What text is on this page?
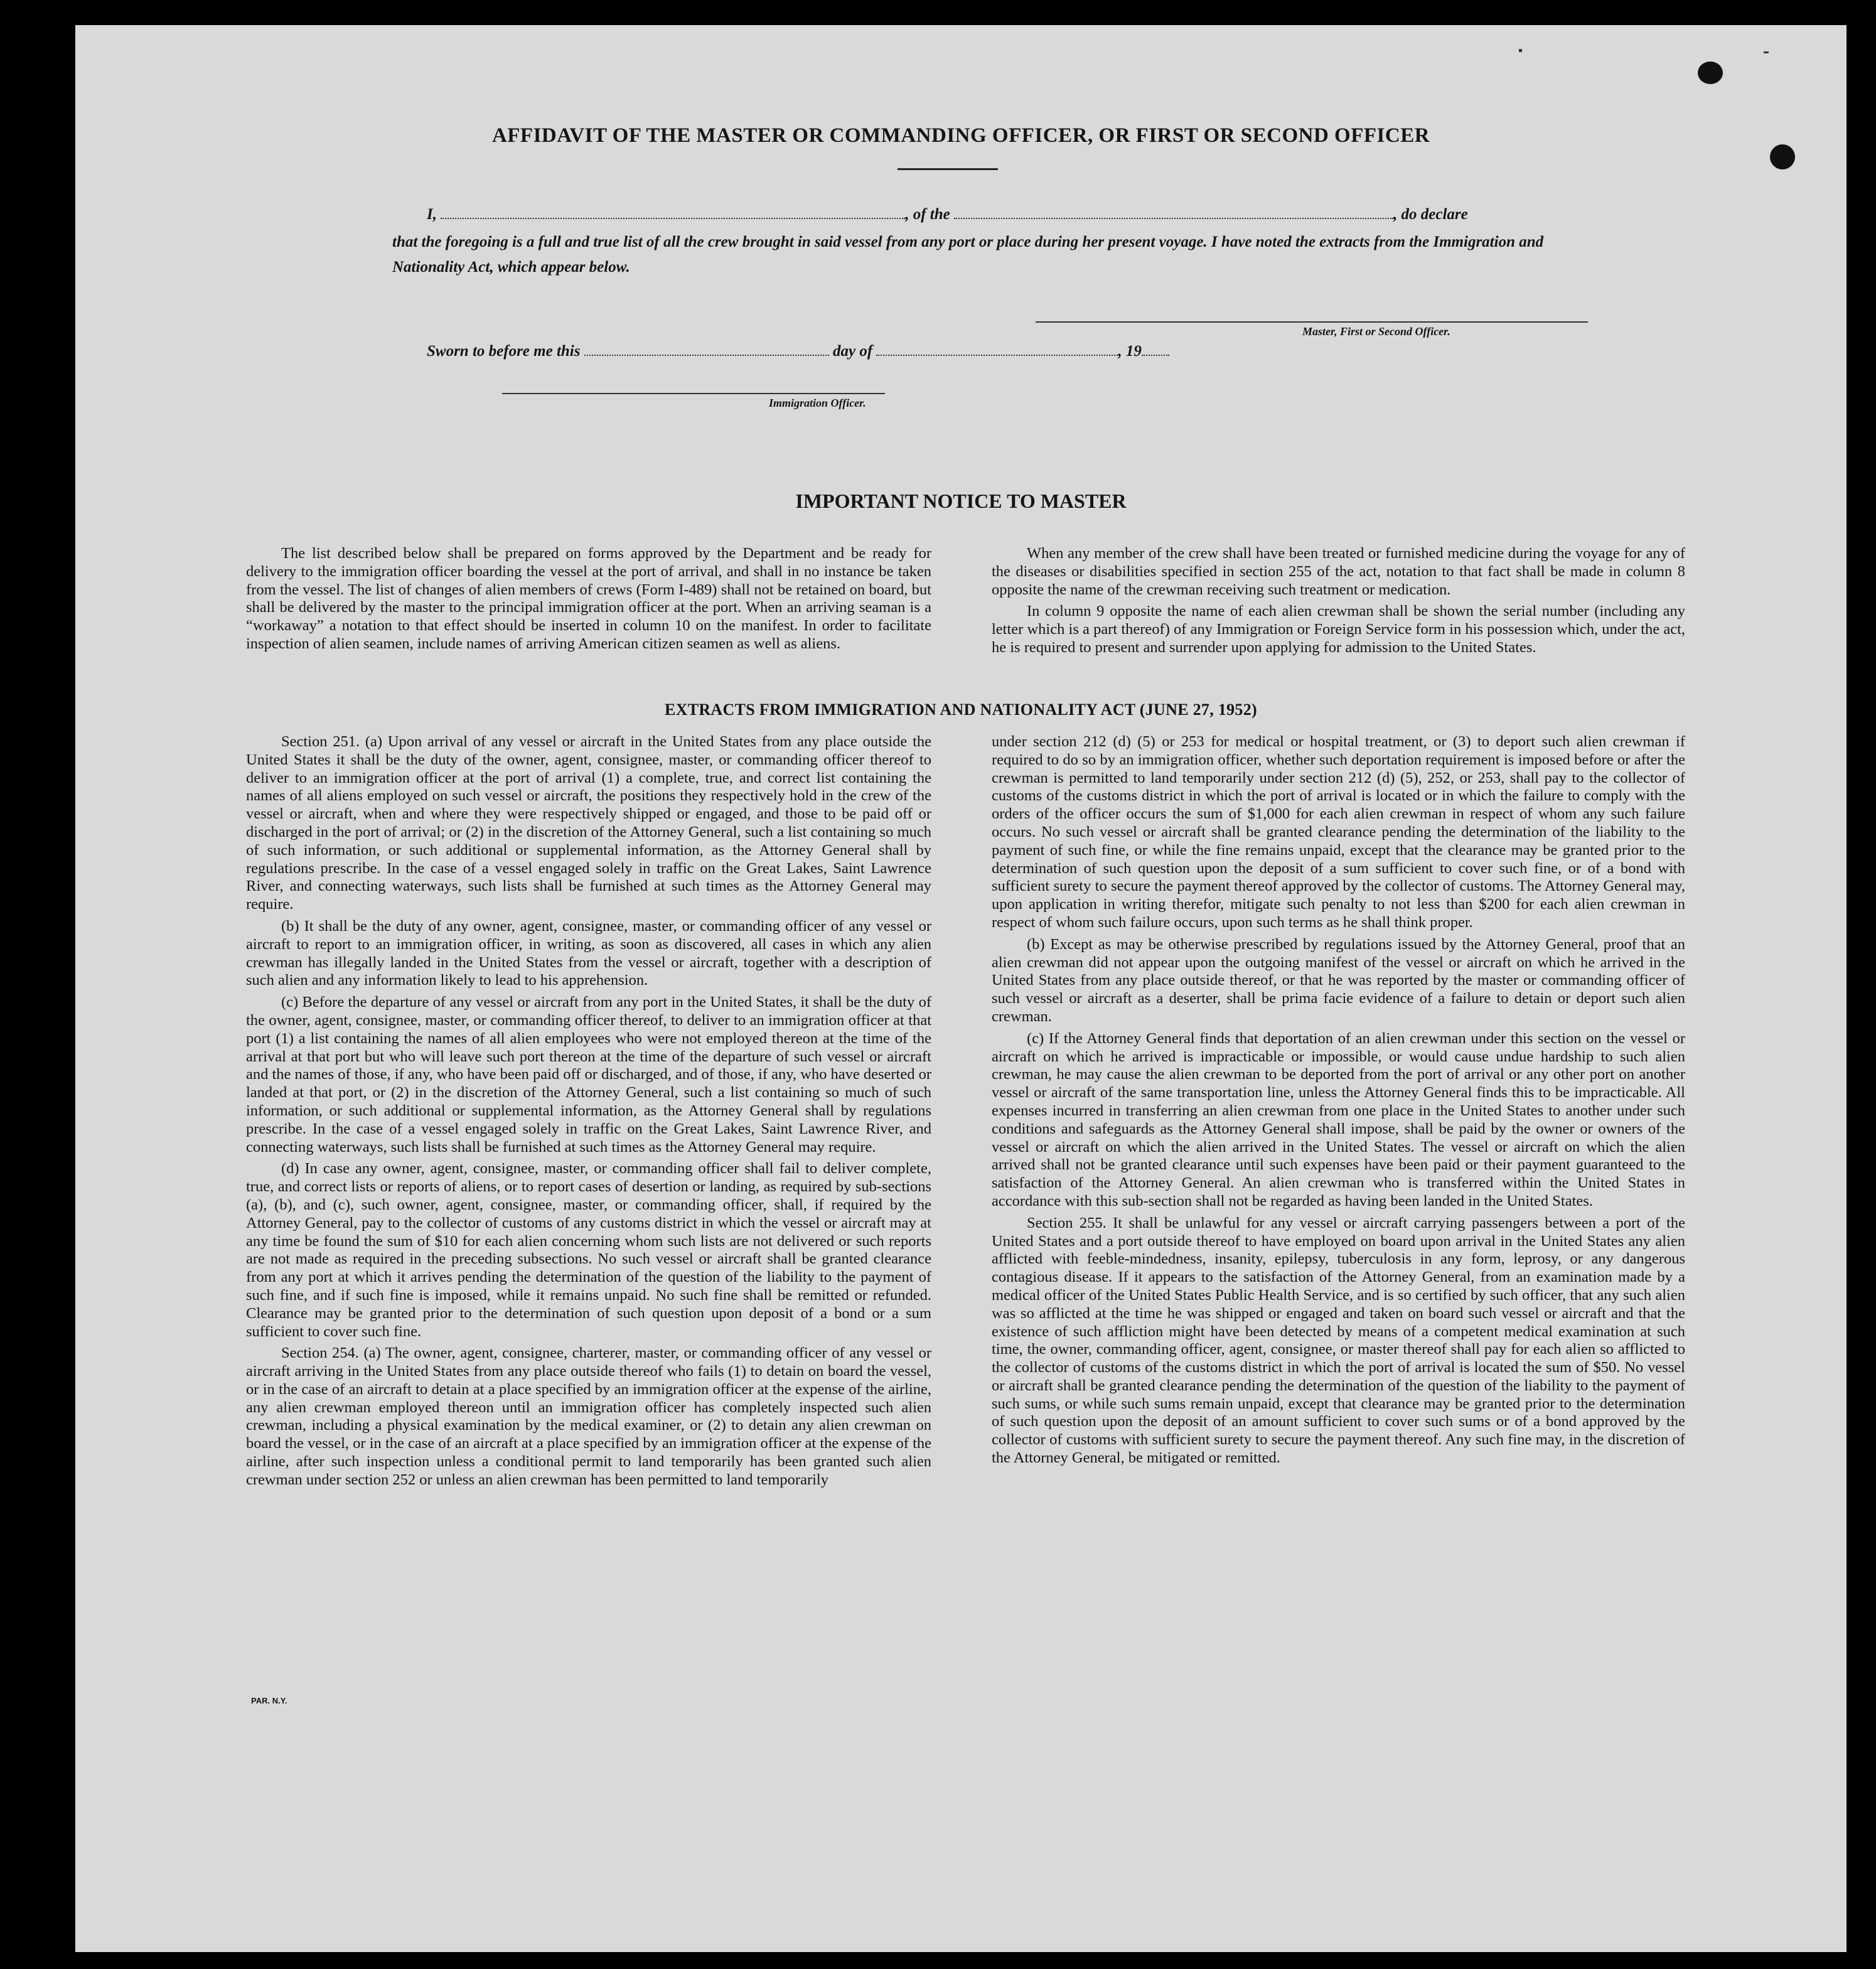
AFFIDAVIT OF THE MASTER OR COMMANDING OFFICER, OR FIRST OR SECOND OFFICER
I,	, of the	, do declare
that the foregoing is a full and true list of all the crew brought in said vessel from any port or place during her present voyage. I have noted the extracts from the Immigration and Nationality Act, which appear below.
Master, First or Second Officer.
Sworn to before me this	day of	, 19
Immigration Officer.
IMPORTANT NOTICE TO MASTER

The list described below shall be prepared on forms approved by the Department and be ready for delivery to the immigration officer boarding the vessel at the port of arrival, and shall in no instance be taken from the vessel. The list of changes of alien members of crews (Form I-489) shall not be retained on board, but shall be delivered by the master to the principal immigration officer at the port. When an arriving seaman is a “workaway” a notation to that effect should be inserted in column 10 on the manifest. In order to facilitate inspection of alien seamen, include names of arriving American citizen seamen as well as aliens.

When any member of the crew shall have been treated or furnished medicine during the voyage for any of the diseases or disabilities specified in section 255 of the act, notation to that fact shall be made in column 8 opposite the name of the crewman receiving such treatment or medication.

In column 9 opposite the name of each alien crewman shall be shown the serial number (including any letter which is a part thereof) of any Immigration or Foreign Service form in his possession which, under the act, he is required to present and surrender upon applying for admission to the United States.

EXTRACTS FROM IMMIGRATION AND NATIONALITY ACT (JUNE 27, 1952)

Section 251. (a) Upon arrival of any vessel or aircraft in the United States from any place outside the United States it shall be the duty of the owner, agent, consignee, master, or commanding officer thereof to deliver to an immigration officer at the port of arrival (1) a complete, true, and correct list containing the names of all aliens employed on such vessel or aircraft, the positions they respectively hold in the crew of the vessel or aircraft, when and where they were respectively shipped or engaged, and those to be paid off or discharged in the port of arrival; or (2) in the discretion of the Attorney General, such a list containing so much of such information, or such additional or supplemental information, as the Attorney General shall by regulations prescribe. In the case of a vessel engaged solely in traffic on the Great Lakes, Saint Lawrence River, and connecting waterways, such lists shall be furnished at such times as the Attorney General may require.

(b) It shall be the duty of any owner, agent, consignee, master, or commanding officer of any vessel or aircraft to report to an immigration officer, in writing, as soon as discovered, all cases in which any alien crewman has illegally landed in the United States from the vessel or aircraft, together with a description of such alien and any information likely to lead to his apprehension.

(c) Before the departure of any vessel or aircraft from any port in the United States, it shall be the duty of the owner, agent, consignee, master, or commanding officer thereof, to deliver to an immigration officer at that port (1) a list containing the names of all alien employees who were not employed thereon at the time of the arrival at that port but who will leave such port thereon at the time of the departure of such vessel or aircraft and the names of those, if any, who have been paid off or discharged, and of those, if any, who have deserted or landed at that port, or (2) in the discretion of the Attorney General, such a list containing so much of such information, or such additional or supplemental information, as the Attorney General shall by regulations prescribe. In the case of a vessel engaged solely in traffic on the Great Lakes, Saint Lawrence River, and connecting waterways, such lists shall be furnished at such times as the Attorney General may require.

(d) In case any owner, agent, consignee, master, or commanding officer shall fail to deliver complete, true, and correct lists or reports of aliens, or to report cases of desertion or landing, as required by sub-sections (a), (b), and (c), such owner, agent, consignee, master, or commanding officer, shall, if required by the Attorney General, pay to the collector of customs of any customs district in which the vessel or aircraft may at any time be found the sum of $10 for each alien concerning whom such lists are not delivered or such reports are not made as required in the preceding subsections. No such vessel or aircraft shall be granted clearance from any port at which it arrives pending the determination of the question of the liability to the payment of such fine, and if such fine is imposed, while it remains unpaid. No such fine shall be remitted or refunded. Clearance may be granted prior to the determination of such question upon deposit of a bond or a sum sufficient to cover such fine.

Section 254. (a) The owner, agent, consignee, charterer, master, or commanding officer of any vessel or aircraft arriving in the United States from any place outside thereof who fails (1) to detain on board the vessel, or in the case of an aircraft to detain at a place specified by an immigration officer at the expense of the airline, any alien crewman employed thereon until an immigration officer has completely inspected such alien crewman, including a physical examination by the medical examiner, or (2) to detain any alien crewman on board the vessel, or in the case of an aircraft at a place specified by an immigration officer at the expense of the airline, after such inspection unless a conditional permit to land temporarily has been granted such alien crewman under section 252 or unless an alien crewman has been permitted to land temporarily

under section 212 (d) (5) or 253 for medical or hospital treatment, or (3) to deport such alien crewman if required to do so by an immigration officer, whether such deportation requirement is imposed before or after the crewman is permitted to land temporarily under section 212 (d) (5), 252, or 253, shall pay to the collector of customs of the customs district in which the port of arrival is located or in which the failure to comply with the orders of the officer occurs the sum of $1,000 for each alien crewman in respect of whom any such failure occurs. No such vessel or aircraft shall be granted clearance pending the determination of the liability to the payment of such fine, or while the fine remains unpaid, except that the clearance may be granted prior to the determination of such question upon the deposit of a sum sufficient to cover such fine, or of a bond with sufficient surety to secure the payment thereof approved by the collector of customs. The Attorney General may, upon application in writing therefor, mitigate such penalty to not less than $200 for each alien crewman in respect of whom such failure occurs, upon such terms as he shall think proper.

(b) Except as may be otherwise prescribed by regulations issued by the Attorney General, proof that an alien crewman did not appear upon the outgoing manifest of the vessel or aircraft on which he arrived in the United States from any place outside thereof, or that he was reported by the master or commanding officer of such vessel or aircraft as a deserter, shall be prima facie evidence of a failure to detain or deport such alien crewman.

(c) If the Attorney General finds that deportation of an alien crewman under this section on the vessel or aircraft on which he arrived is impracticable or impossible, or would cause undue hardship to such alien crewman, he may cause the alien crewman to be deported from the port of arrival or any other port on another vessel or aircraft of the same transportation line, unless the Attorney General finds this to be impracticable. All expenses incurred in transferring an alien crewman from one place in the United States to another under such conditions and safeguards as the Attorney General shall impose, shall be paid by the owner or owners of the vessel or aircraft on which the alien arrived in the United States. The vessel or aircraft on which the alien arrived shall not be granted clearance until such expenses have been paid or their payment guaranteed to the satisfaction of the Attorney General. An alien crewman who is transferred within the United States in accordance with this sub-section shall not be regarded as having been landed in the United States.

Section 255. It shall be unlawful for any vessel or aircraft carrying passengers between a port of the United States and a port outside thereof to have employed on board upon arrival in the United States any alien afflicted with feeble-mindedness, insanity, epilepsy, tuberculosis in any form, leprosy, or any dangerous contagious disease. If it appears to the satisfaction of the Attorney General, from an examination made by a medical officer of the United States Public Health Service, and is so certified by such officer, that any such alien was so afflicted at the time he was shipped or engaged and taken on board such vessel or aircraft and that the existence of such affliction might have been detected by means of a competent medical examination at such time, the owner, commanding officer, agent, consignee, or master thereof shall pay for each alien so afflicted to the collector of customs of the customs district in which the port of arrival is located the sum of $50. No vessel or aircraft shall be granted clearance pending the determination of the question of the liability to the payment of such sums, or while such sums remain unpaid, except that clearance may be granted prior to the determination of such question upon the deposit of an amount sufficient to cover such sums or of a bond approved by the collector of customs with sufficient surety to secure the payment thereof. Any such fine may, in the discretion of the Attorney General, be mitigated or remitted.

PAR. N.Y.
